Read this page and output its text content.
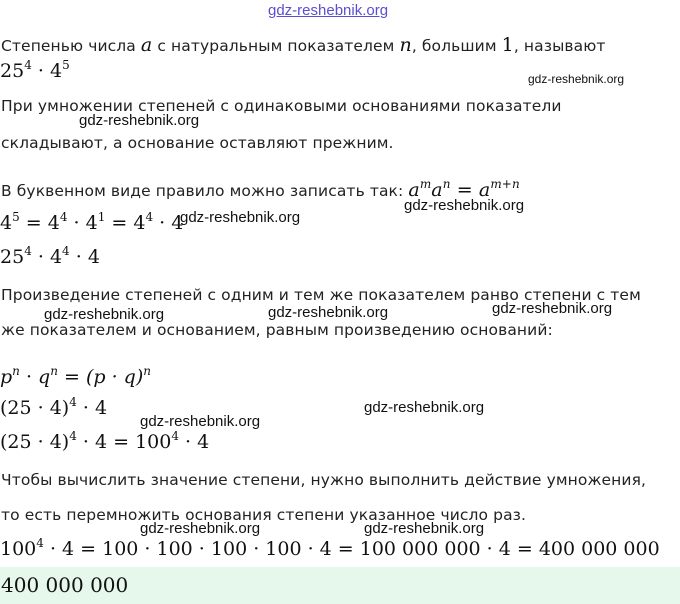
gdz-reshebnik.org
Степенью числа a с натуральным показателем n, большим 1, называют
$25^4 \cdot 4^5$
gdz-reshebnik.org
При умножении степеней с одинаковыми основаниями показатели
gdz-reshebnik.org
складывают, а основание оставляют прежним.
В буквенном виде правило можно записать так: $a^ma^n = a^{m+n}$
gdz-reshebnik.org
$4^5 = 4^4 \cdot 4^1 = 4^4 \cdot 4$
gdz-reshebnik.org
$25^4 \cdot 4^4 \cdot 4$
Произведение степеней с одним и тем же показателем ранво степени с тем
gdz-reshebnik.org	gdz-reshebnik.org	gdz-reshebnik.org
же показателем и основанием, равным произведению оснований:
$p^n \cdot q^n = (p \cdot q)^n$
$(25 \cdot 4)^4 \cdot 4$
gdz-reshebnik.org
gdz-reshebnik.org
$(25 \cdot 4)^4 \cdot 4 = 100^4 \cdot 4$
Чтобы вычислить значение степени, нужно выполнить действие умножения,
то есть перемножить основания степени указанное число раз.
gdz-reshebnik.org	gdz-reshebnik.org
$100^4 \cdot 4 = 100 \cdot 100 \cdot 100 \cdot 100 \cdot 4 = 100$ 000 000 · 4 = 400 000 000
400 000 000
